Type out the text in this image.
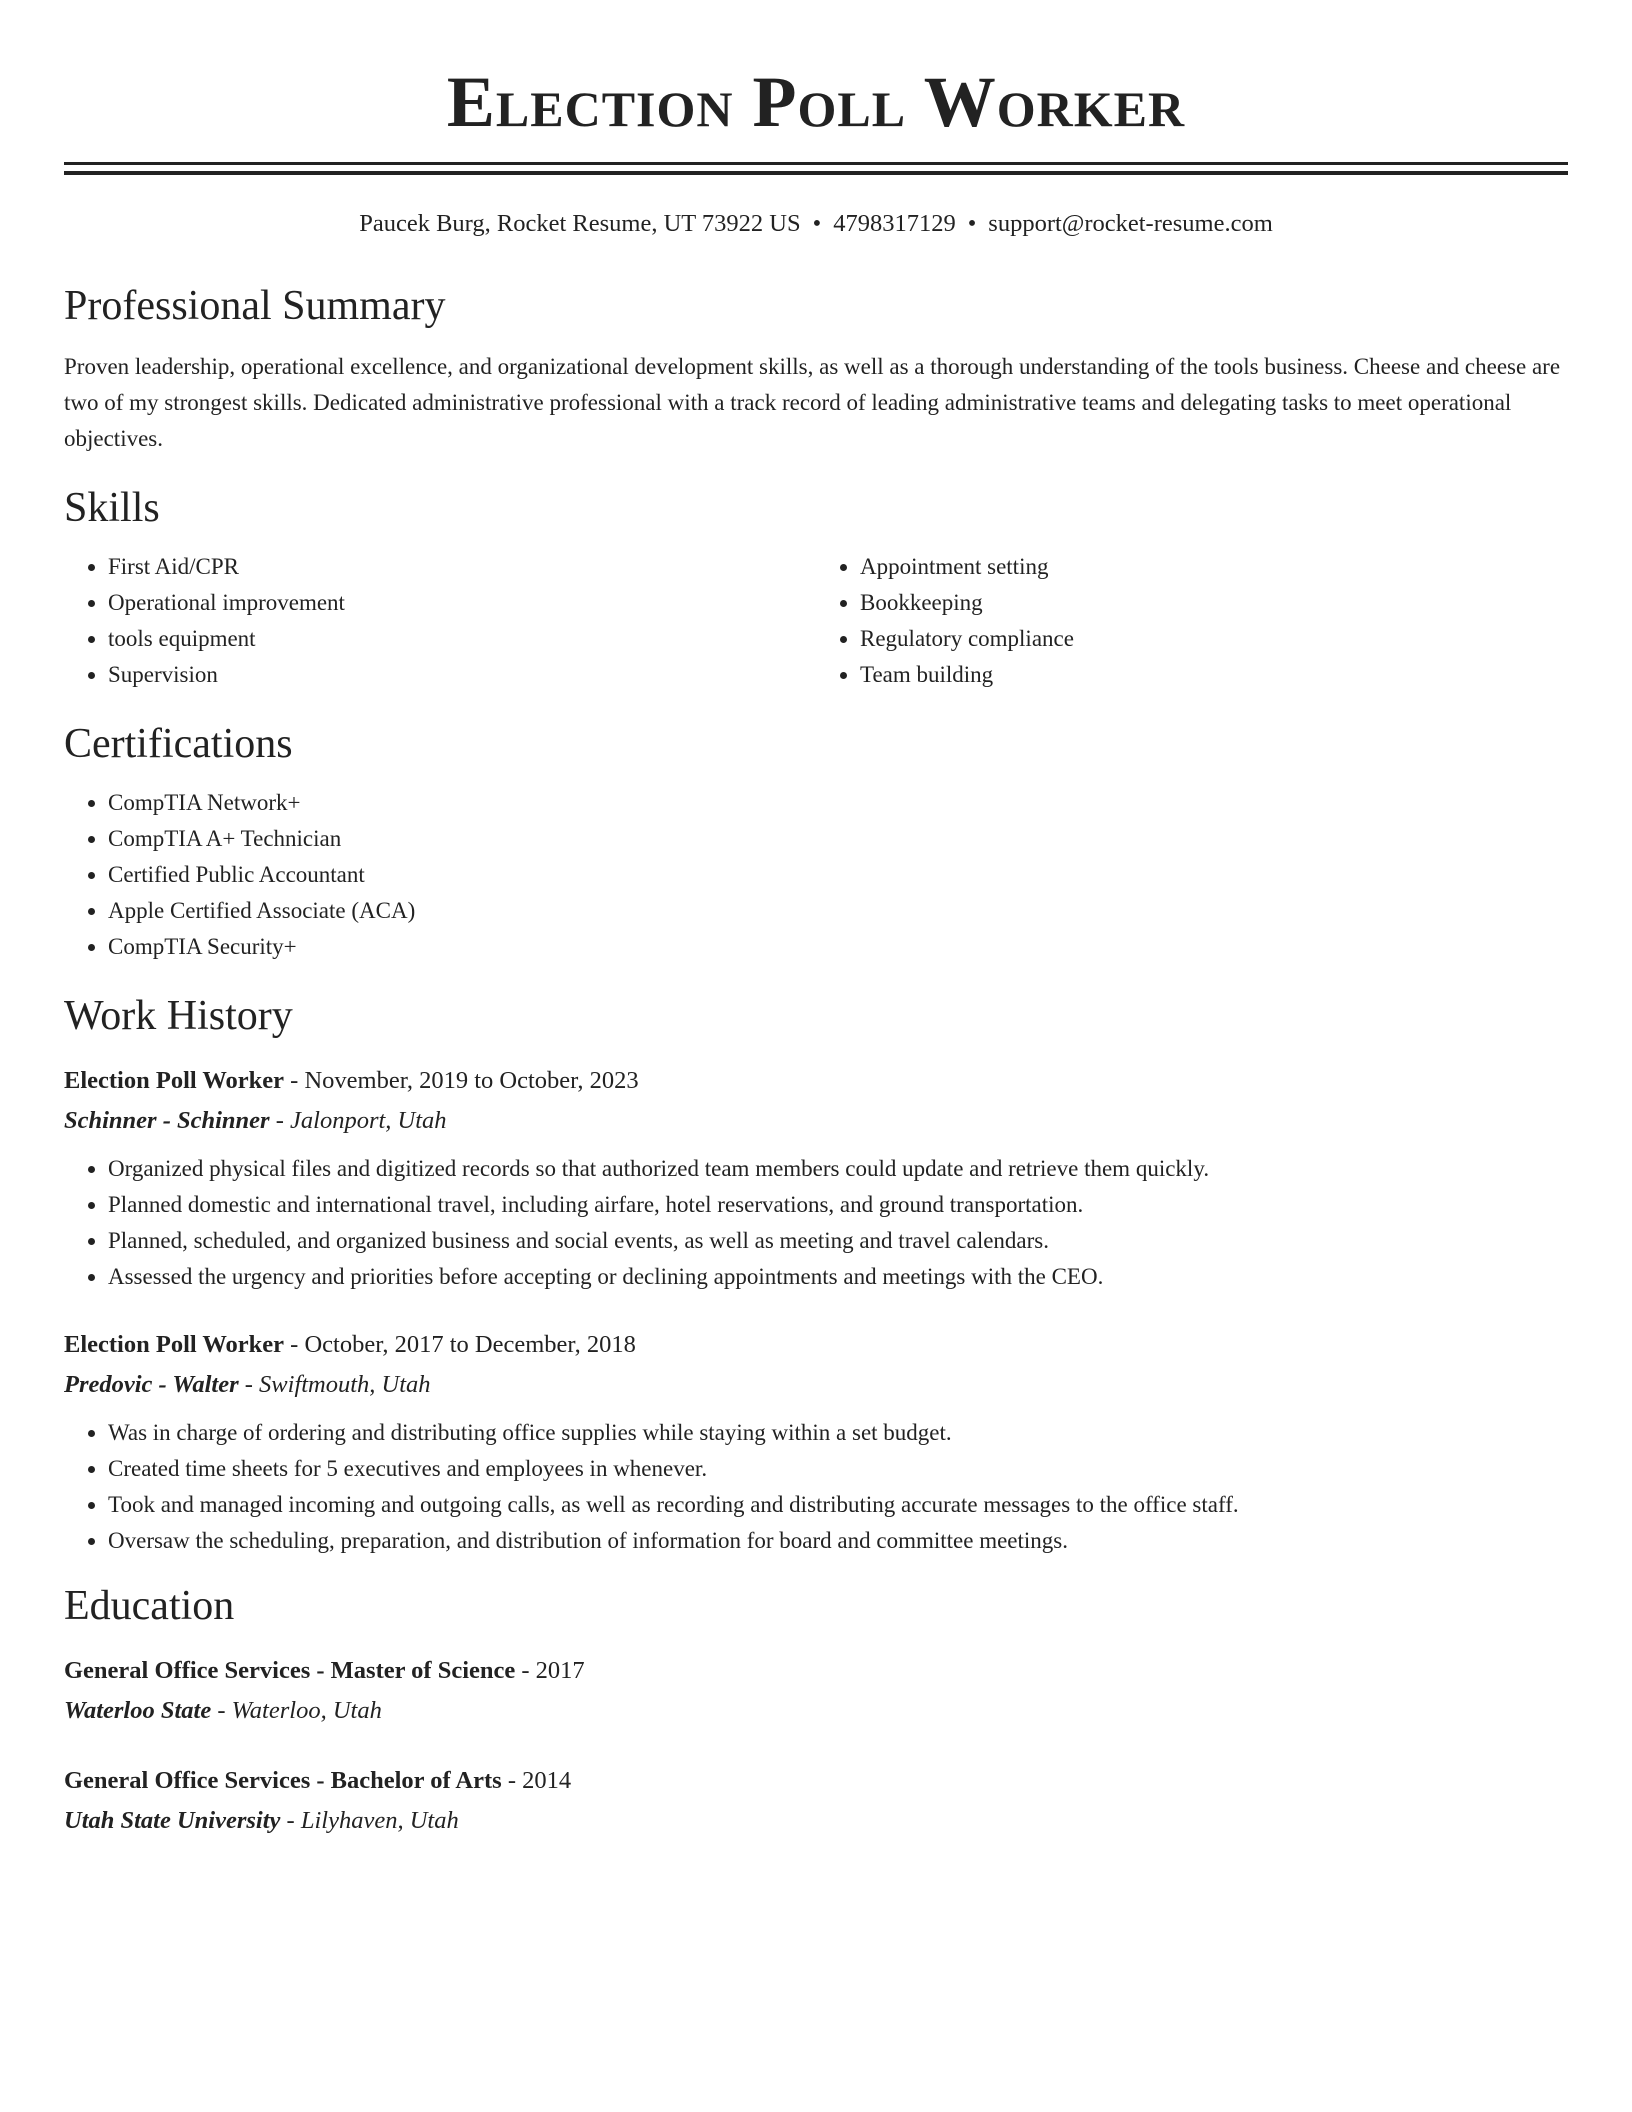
Election Poll Worker
Paucek Burg, Rocket Resume, UT 73922 US • 4798317129 • support@rocket-resume.com
Professional Summary

Proven leadership, operational excellence, and organizational development skills, as well as a thorough understanding of the tools business. Cheese and cheese are two of my strongest skills. Dedicated administrative professional with a track record of leading administrative teams and delegating tasks to meet operational objectives.

Skills
• First Aid/CPR
• Operational improvement
• tools equipment
• Supervision
• Appointment setting
• Bookkeeping
• Regulatory compliance
• Team building
Certifications
• CompTIA Network+
• CompTIA A+ Technician
• Certified Public Accountant
• Apple Certified Associate (ACA)
• CompTIA Security+
Work History
Election Poll Worker - November, 2019 to October, 2023
Schinner - Schinner - Jalonport, Utah
• Organized physical files and digitized records so that authorized team members could update and retrieve them quickly.
• Planned domestic and international travel, including airfare, hotel reservations, and ground transportation.
• Planned, scheduled, and organized business and social events, as well as meeting and travel calendars.
• Assessed the urgency and priorities before accepting or declining appointments and meetings with the CEO.
Election Poll Worker - October, 2017 to December, 2018
Predovic - Walter - Swiftmouth, Utah
• Was in charge of ordering and distributing office supplies while staying within a set budget.
• Created time sheets for 5 executives and employees in whenever.
• Took and managed incoming and outgoing calls, as well as recording and distributing accurate messages to the office staff.
• Oversaw the scheduling, preparation, and distribution of information for board and committee meetings.
Education
General Office Services - Master of Science - 2017
Waterloo State - Waterloo, Utah
General Office Services - Bachelor of Arts - 2014
Utah State University - Lilyhaven, Utah
